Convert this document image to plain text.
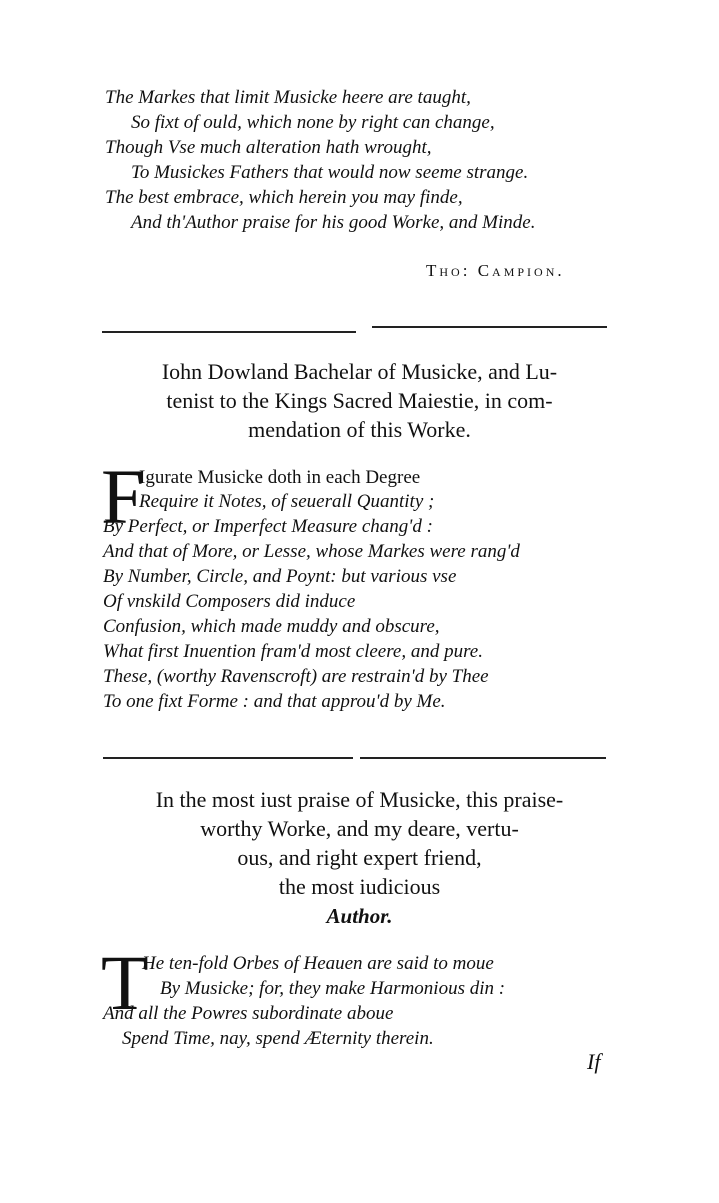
The Markes that limit Musicke heere are taught,
So fixt of ould, which none by right can change,
Though Vse much alteration hath wrought,
To Musickes Fathers that would now seeme strange.
The best embrace, which herein you may finde,
And th'Author praise for his good Worke, and Minde.
Tho: Campion.
Iohn Dowland Bachelar of Musicke, and Lu-
tenist to the Kings Sacred Maiestie, in com-
mendation of this Worke.
F
Igurate Musicke doth in each Degree
Require it Notes, of seuerall Quantity ;
By Perfect, or Imperfect Measure chang'd :
And that of More, or Lesse, whose Markes were rang'd
By Number, Circle, and Poynt: but various vse
Of vnskild Composers did induce
Confusion, which made muddy and obscure,
What first Inuention fram'd most cleere, and pure.
These, (worthy Ravenscroft) are restrain'd by Thee
To one fixt Forme : and that approu'd by Me.
In the most iust praise of Musicke, this praise-
worthy Worke, and my deare, vertu-
ous, and right expert friend,
the most iudicious
Author.
T
He ten-fold Orbes of Heauen are said to moue
By Musicke; for, they make Harmonious din :
And all the Powres subordinate aboue
Spend Time, nay, spend Æternity therein.
If
